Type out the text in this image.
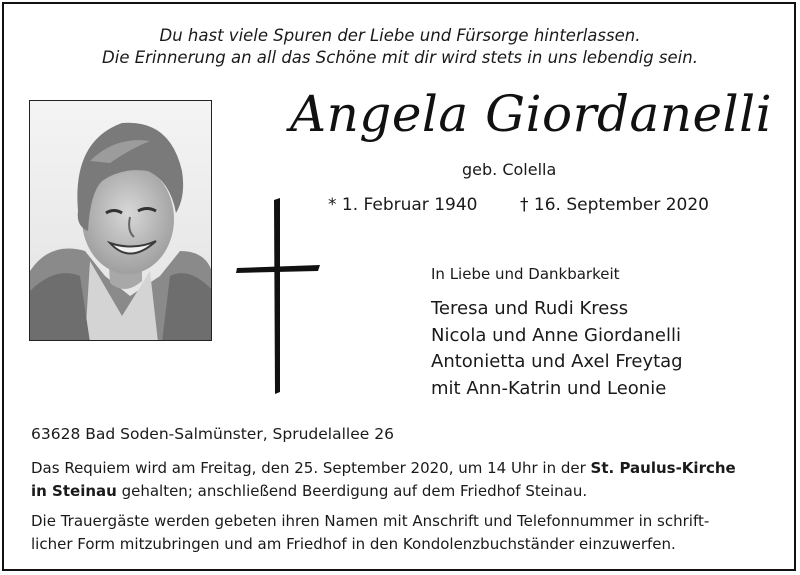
Du hast viele Spuren der Liebe und Fürsorge hinterlassen.
Die Erinnerung an all das Schöne mit dir wird stets in uns lebendig sein.
Angela Giordanelli
geb. Colella
* 1. Februar 1940	† 16. September 2020
In Liebe und Dankbarkeit
Teresa und Rudi Kress
Nicola und Anne Giordanelli
Antonietta und Axel Freytag
mit Ann-Katrin und Leonie
63628 Bad Soden-Salmünster, Sprudelallee 26
Das Requiem wird am Freitag, den 25. September 2020, um 14 Uhr in der St. Paulus-Kirche
in Steinau gehalten; anschließend Beerdigung auf dem Friedhof Steinau.
Die Trauergäste werden gebeten ihren Namen mit Anschrift und Telefonnummer in schrift-
licher Form mitzubringen und am Friedhof in den Kondolenzbuchständer einzuwerfen.
